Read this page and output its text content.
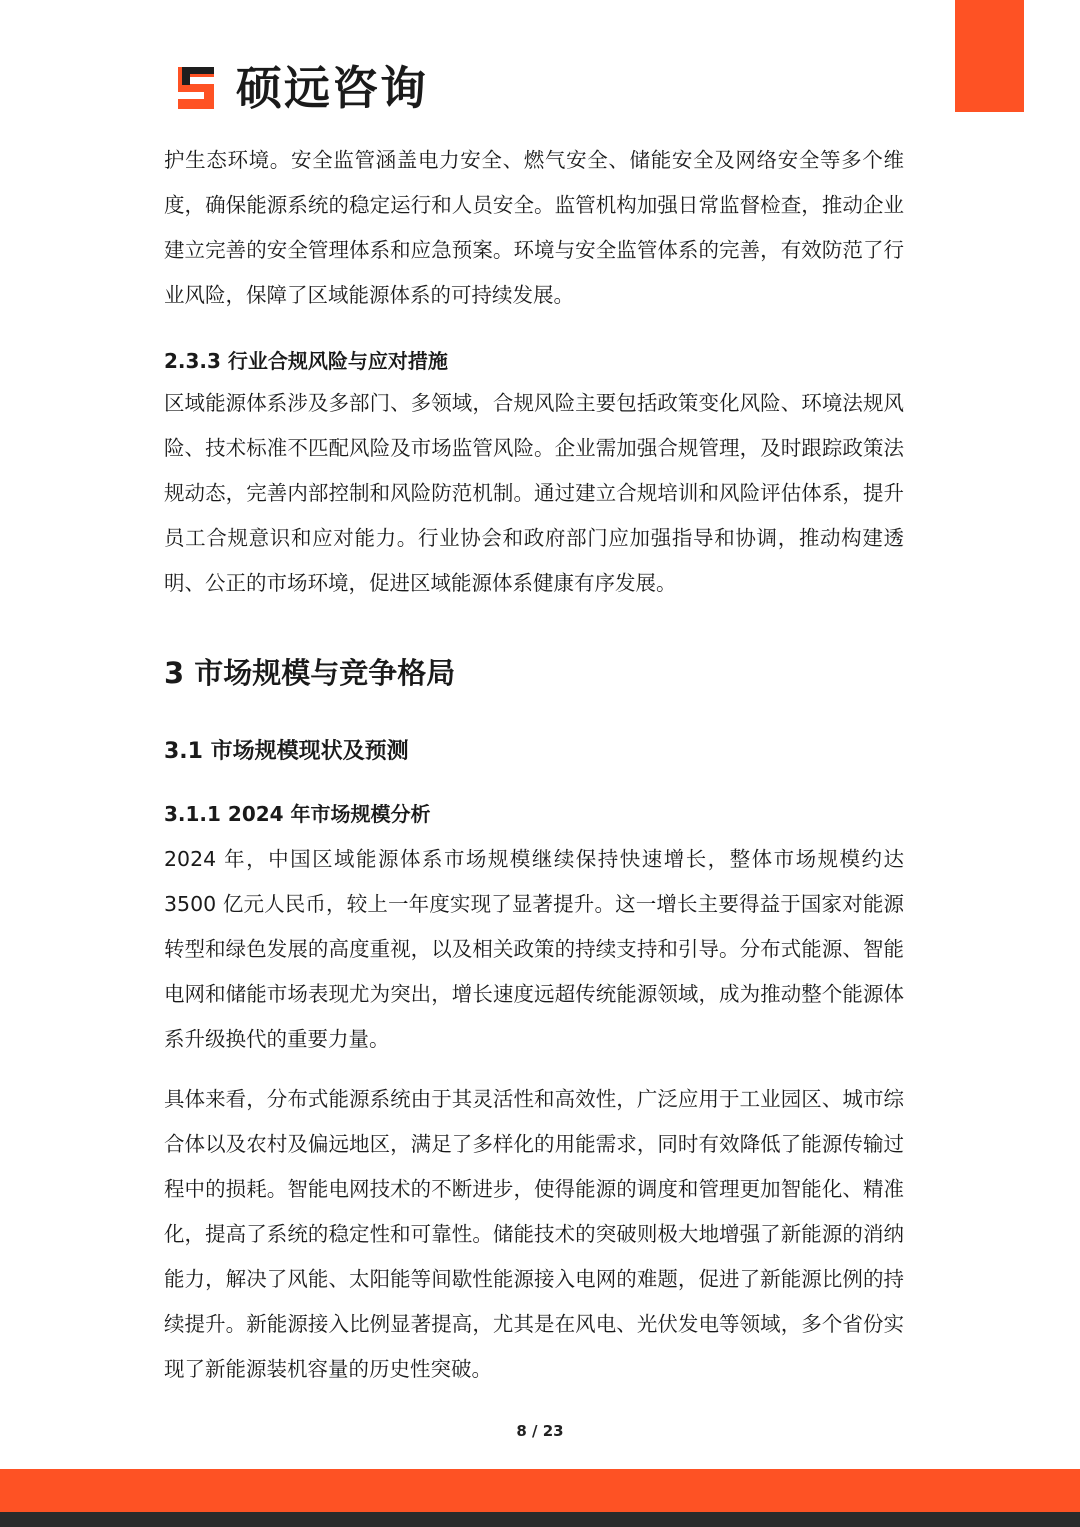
硕远咨询

护生态环境。安全监管涵盖电力安全、燃气安全、储能安全及网络安全等多个维度，确保能源系统的稳定运行和人员安全。监管机构加强日常监督检查，推动企业建立完善的安全管理体系和应急预案。环境与安全监管体系的完善，有效防范了行业风险，保障了区域能源体系的可持续发展。

2.3.3 行业合规风险与应对措施

区域能源体系涉及多部门、多领域，合规风险主要包括政策变化风险、环境法规风险、技术标准不匹配风险及市场监管风险。企业需加强合规管理，及时跟踪政策法规动态，完善内部控制和风险防范机制。通过建立合规培训和风险评估体系，提升员工合规意识和应对能力。行业协会和政府部门应加强指导和协调，推动构建透明、公正的市场环境，促进区域能源体系健康有序发展。

3 市场规模与竞争格局
3.1 市场规模现状及预测
3.1.1 2024 年市场规模分析

2024 年，中国区域能源体系市场规模继续保持快速增长，整体市场规模约达3500 亿元人民币，较上一年度实现了显著提升。这一增长主要得益于国家对能源转型和绿色发展的高度重视，以及相关政策的持续支持和引导。分布式能源、智能电网和储能市场表现尤为突出，增长速度远超传统能源领域，成为推动整个能源体系升级换代的重要力量。

具体来看，分布式能源系统由于其灵活性和高效性，广泛应用于工业园区、城市综合体以及农村及偏远地区，满足了多样化的用能需求，同时有效降低了能源传输过程中的损耗。智能电网技术的不断进步，使得能源的调度和管理更加智能化、精准化，提高了系统的稳定性和可靠性。储能技术的突破则极大地增强了新能源的消纳能力，解决了风能、太阳能等间歇性能源接入电网的难题，促进了新能源比例的持续提升。新能源接入比例显著提高，尤其是在风电、光伏发电等领域，多个省份实现了新能源装机容量的历史性突破。

8 / 23
